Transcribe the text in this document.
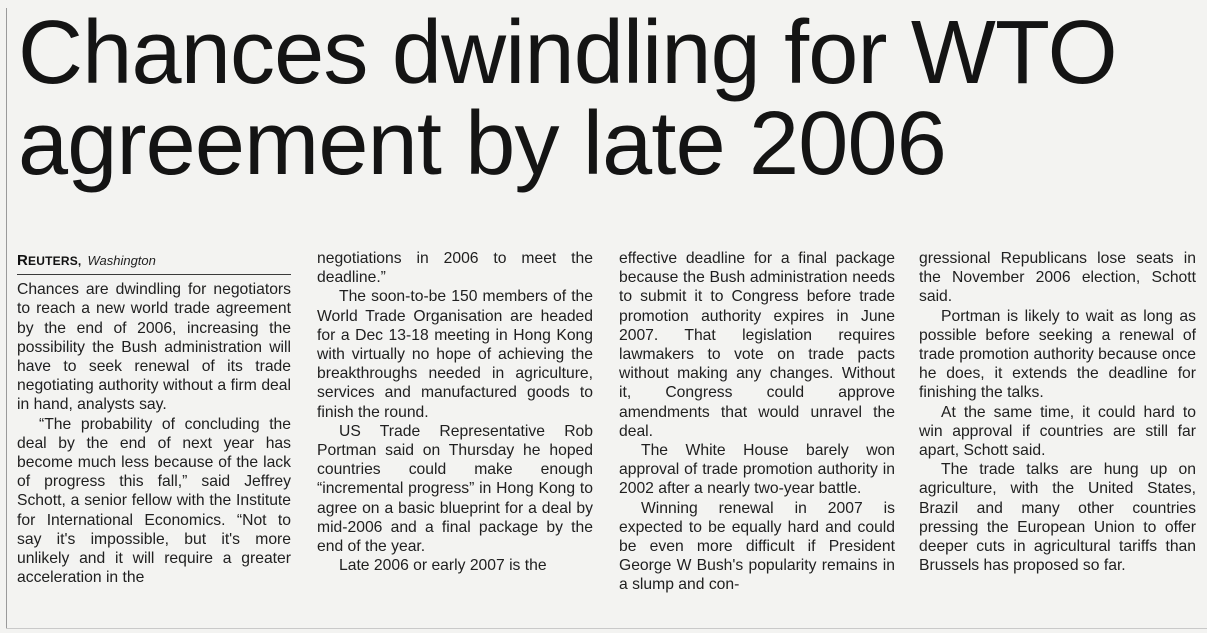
Chances dwindling for WTO
agreement by late 2006
REUTERS, Washington

Chances are dwindling for negotiators to reach a new world trade agreement by the end of 2006, increasing the possibility the Bush administration will have to seek renewal of its trade negotiating authority without a firm deal in hand, analysts say.

“The probability of concluding the deal by the end of next year has become much less because of the lack of progress this fall,” said Jeffrey Schott, a senior fellow with the Institute for International Economics. “Not to say it's impossible, but it's more unlikely and it will require a greater acceleration in the

negotiations in 2006 to meet the deadline.”

The soon-to-be 150 members of the World Trade Organisation are headed for a Dec 13-18 meeting in Hong Kong with virtually no hope of achieving the breakthroughs needed in agriculture, services and manufactured goods to finish the round.

US Trade Representative Rob Portman said on Thursday he hoped countries could make enough “incremental progress” in Hong Kong to agree on a basic blueprint for a deal by mid-2006 and a final package by the end of the year.

Late 2006 or early 2007 is the

effective deadline for a final package because the Bush administration needs to submit it to Congress before trade promotion authority expires in June 2007. That legislation requires lawmakers to vote on trade pacts without making any changes. Without it, Congress could approve amendments that would unravel the deal.

The White House barely won approval of trade promotion authority in 2002 after a nearly two-year battle.

Winning renewal in 2007 is expected to be equally hard and could be even more difficult if President George W Bush's popularity remains in a slump and con-

gressional Republicans lose seats in the November 2006 election, Schott said.

Portman is likely to wait as long as possible before seeking a renewal of trade promotion authority because once he does, it extends the deadline for finishing the talks.

At the same time, it could hard to win approval if countries are still far apart, Schott said.

The trade talks are hung up on agriculture, with the United States, Brazil and many other countries pressing the European Union to offer deeper cuts in agricultural tariffs than Brussels has proposed so far.
